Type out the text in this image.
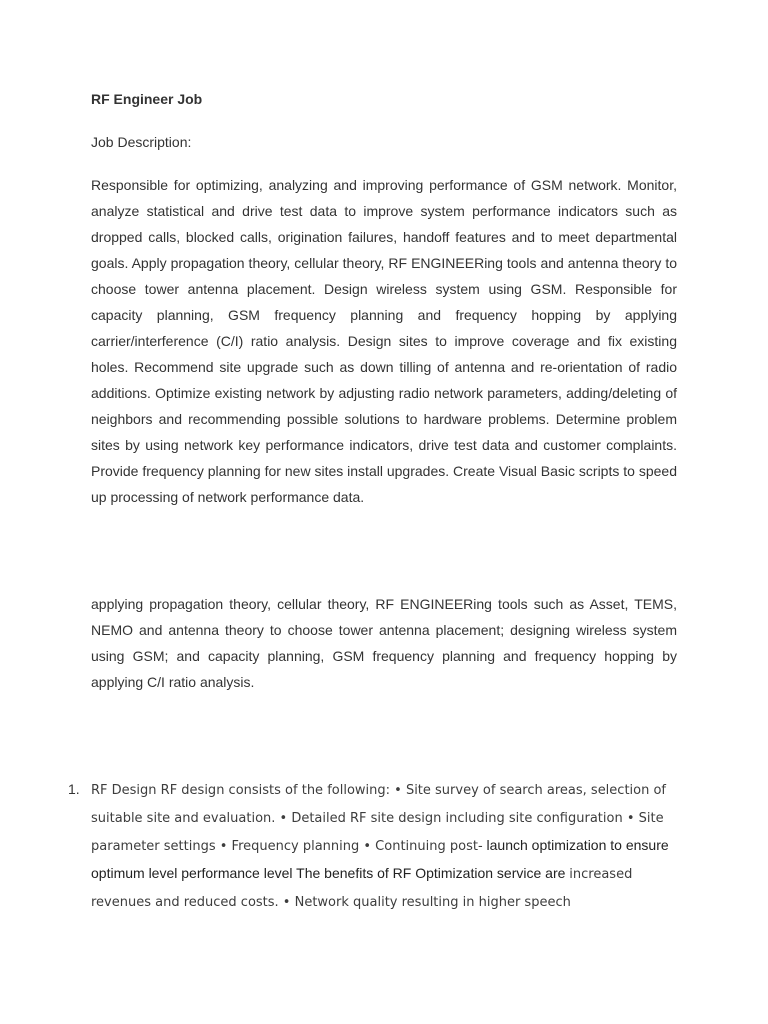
RF Engineer Job

Job Description:

Responsible for optimizing, analyzing and improving performance of GSM network. Monitor, analyze statistical and drive test data to improve system performance indicators such as dropped calls, blocked calls, origination failures, handoff features and to meet departmental goals. Apply propagation theory, cellular theory, RF ENGINEERing tools and antenna theory to choose tower antenna placement. Design wireless system using GSM. Responsible for capacity planning, GSM frequency planning and frequency hopping by applying carrier/interference (C/I) ratio analysis. Design sites to improve coverage and fix existing holes. Recommend site upgrade such as down tilling of antenna and re-orientation of radio additions. Optimize existing network by adjusting radio network parameters, adding/deleting of neighbors and recommending possible solutions to hardware problems. Determine problem sites by using network key performance indicators, drive test data and customer complaints. Provide frequency planning for new sites install upgrades. Create Visual Basic scripts to speed up processing of network performance data.

applying propagation theory, cellular theory, RF ENGINEERing tools such as Asset, TEMS, NEMO and antenna theory to choose tower antenna placement; designing wireless system using GSM; and capacity planning, GSM frequency planning and frequency hopping by applying C/I ratio analysis.

1. RF Design RF design consists of the following: • Site survey of search areas, selection of suitable site and evaluation. • Detailed RF site design including site configuration • Site parameter settings • Frequency planning • Continuing post- launch optimization to ensure optimum level performance level The benefits of RF Optimization service are increased revenues and reduced costs. • Network quality resulting in higher speech
